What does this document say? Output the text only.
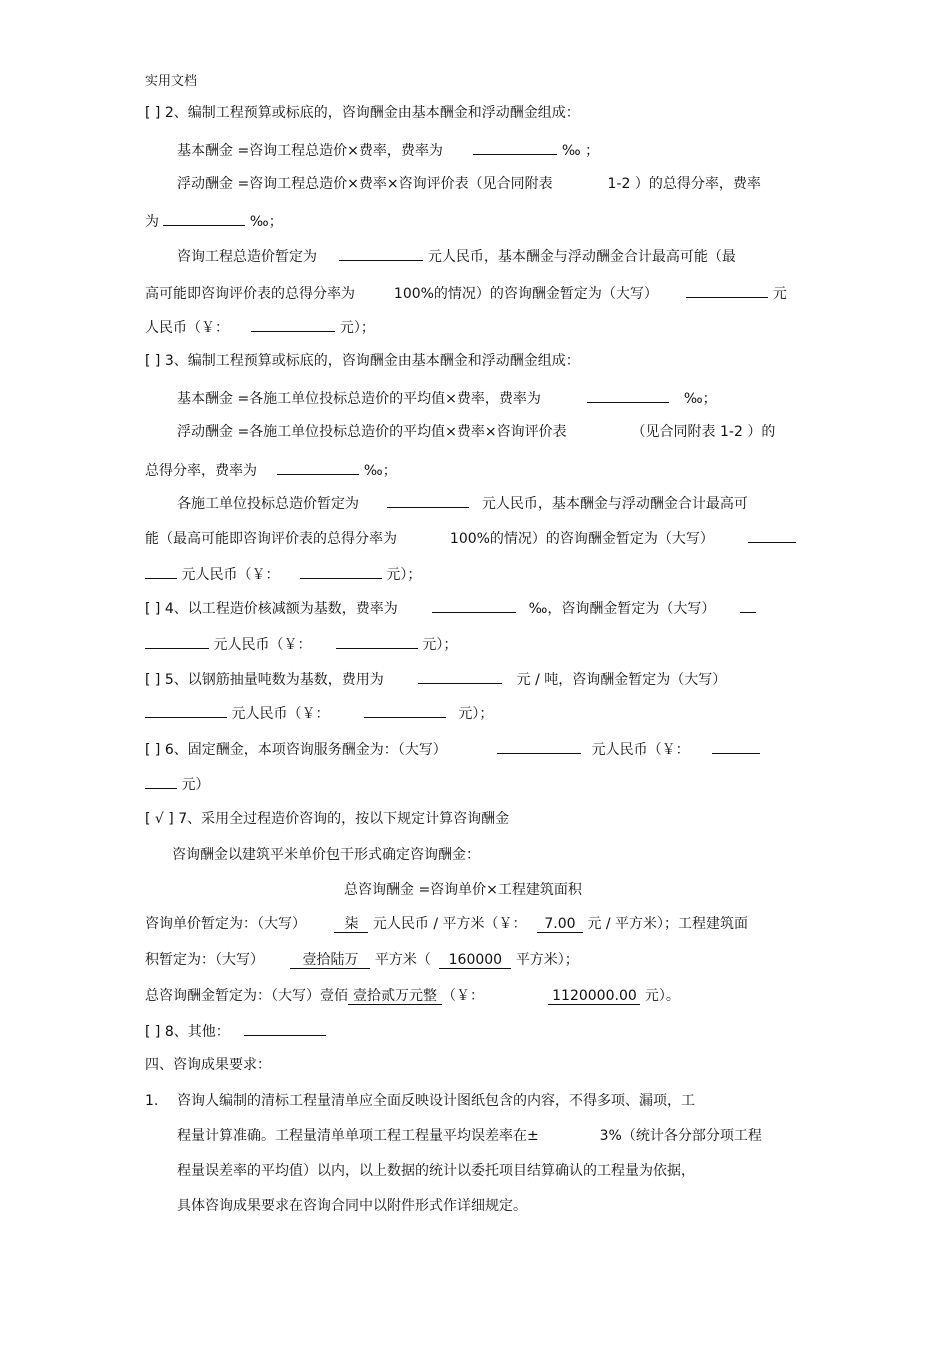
实用文档
[ ] 2、编制工程预算或标底的，咨询酬金由基本酬金和浮动酬金组成：
基本酬金 =咨询工程总造价×费率，费率为	‰ ；
浮动酬金 =咨询工程总造价×费率×咨询评价表（见合同附表	1-2 ）的总得分率，费率
为	‰；
咨询工程总造价暂定为	元人民币，基本酬金与浮动酬金合计最高可能（最
高可能即咨询评价表的总得分率为	100%的情况）的咨询酬金暂定为（大写）	元
人民币（￥：	元）；
[ ] 3、编制工程预算或标底的，咨询酬金由基本酬金和浮动酬金组成：
基本酬金 =各施工单位投标总造价的平均值×费率，费率为	‰；
浮动酬金 =各施工单位投标总造价的平均值×费率×咨询评价表	（见合同附表 1-2 ）的
总得分率，费率为	‰；
各施工单位投标总造价暂定为	元人民币，基本酬金与浮动酬金合计最高可
能（最高可能即咨询评价表的总得分率为	100%的情况）的咨询酬金暂定为（大写）
元人民币（￥：	元）；
[ ] 4、以工程造价核减额为基数，费率为	‰，咨询酬金暂定为（大写）
元人民币（￥：	元）；
[ ] 5、以钢筋抽量吨数为基数，费用为	元 / 吨，咨询酬金暂定为（大写）
元人民币（￥：	元）；
[ ] 6、固定酬金，本项咨询服务酬金为：（大写）	元人民币（￥：
元）
[ √ ] 7、采用全过程造价咨询的，按以下规定计算咨询酬金
咨询酬金以建筑平米单价包干形式确定咨询酬金：
总咨询酬金 =咨询单价×工程建筑面积
咨询单价暂定为：（大写）	柒 元人民币 / 平方米（￥： 7.00 元 / 平方米）；工程建筑面
积暂定为：（大写）	壹拾陆万 平方米（ 160000 平方米）；
总咨询酬金暂定为：（大写）壹佰 壹拾贰万元整 （￥：	1120000.00 元）。
[ ] 8、其他：
四、咨询成果要求：
1. 咨询人编制的清标工程量清单应全面反映设计图纸包含的内容，不得多项、漏项，工
程量计算准确。工程量清单单项工程工程量平均误差率在±	3%（统计各分部分项工程
程量误差率的平均值）以内，以上数据的统计以委托项目结算确认的工程量为依据，
具体咨询成果要求在咨询合同中以附件形式作详细规定。
